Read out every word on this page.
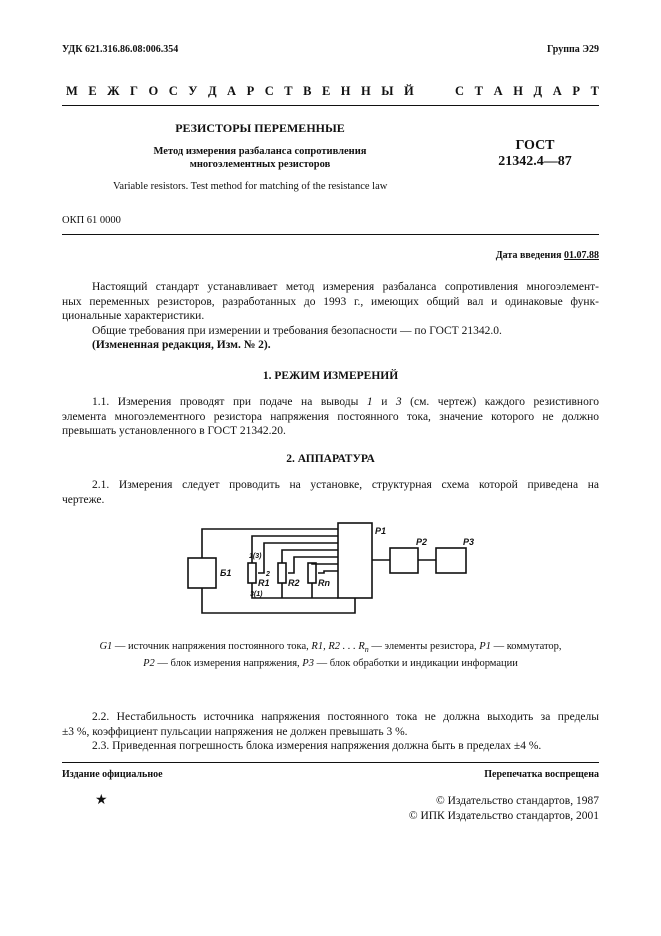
УДК 621.316.86.08:006.354	Группа Э29
М Е Ж Г О С У Д А Р С Т В Е Н Н Ы Й	С Т А Н Д А Р Т
РЕЗИСТОРЫ ПЕРЕМЕННЫЕ
Метод измерения разбаланса сопротивления
многоэлементных резисторов
ГОСТ
21342.4—87
Variable resistors. Test method for matching of the resistance law
ОКП 61 0000
Дата введения 01.07.88
Настоящий стандарт устанавливает метод измерения разбаланса сопротивления многоэлемент-
ных переменных резисторов, разработанных до 1993 г., имеющих общий вал и одинаковые функ-
циональные характеристики.
Общие требования при измерении и требования безопасности — по ГОСТ 21342.0.
(Измененная редакция, Изм. № 2).
1. РЕЖИМ ИЗМЕРЕНИЙ
1.1. Измерения проводят при подаче на выводы 1 и 3 (см. чертеж) каждого резистивного
элемента многоэлементного резистора напряжения постоянного тока, значение которого не должно
превышать установленного в ГОСТ 21342.20.
2. АППАРАТУРА
2.1. Измерения следует проводить на установке, структурная схема которой приведена на
чертеже.
Б1
1(3)
2
3(1)
R1 R2 Rn
P1
P2	P3
G1 — источник напряжения постоянного тока, R1, R2 . . . $R_n$ — элементы резистора, P1 — коммутатор,
P2 — блок измерения напряжения, P3 — блок обработки и индикации информации
2.2. Нестабильность источника напряжения постоянного тока не должна выходить за пределы
±3 %, коэффициент пульсации напряжения не должен превышать 3 %.
2.3. Приведенная погрешность блока измерения напряжения должна быть в пределах ±4 %.
Издание официальное	Перепечатка воспрещена
★	© Издательство стандартов, 1987
© ИПК Издательство стандартов, 2001
